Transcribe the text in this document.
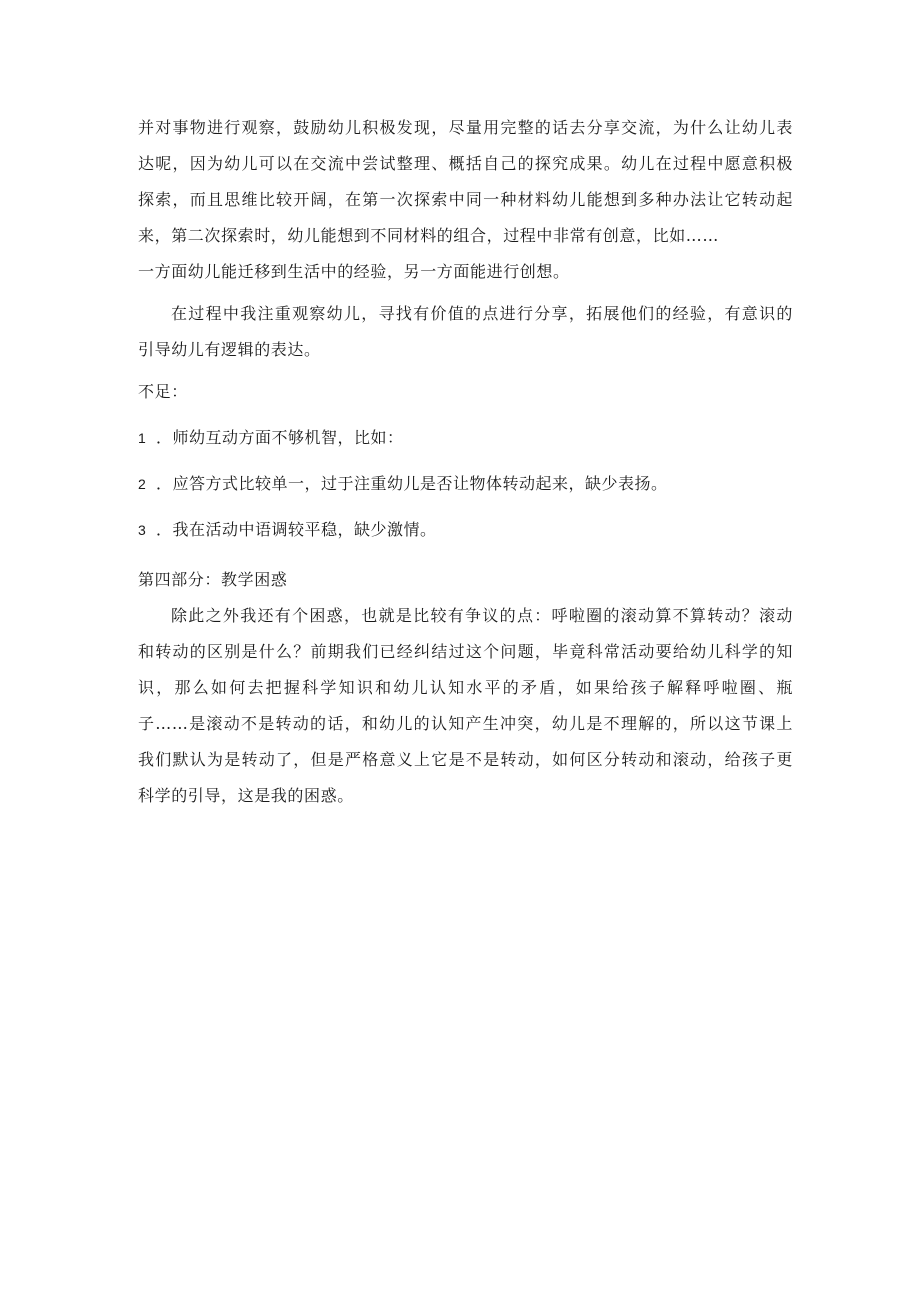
并对事物进行观察，鼓励幼儿积极发现，尽量用完整的话去分享交流，为什么让幼儿表
达呢，因为幼儿可以在交流中尝试整理、概括自己的探究成果。幼儿在过程中愿意积极
探索，而且思维比较开阔，在第一次探索中同一种材料幼儿能想到多种办法让它转动起
来，第二次探索时，幼儿能想到不同材料的组合，过程中非常有创意，比如……
一方面幼儿能迁移到生活中的经验，另一方面能进行创想。
在过程中我注重观察幼儿，寻找有价值的点进行分享，拓展他们的经验，有意识的
引导幼儿有逻辑的表达。
不足：
1 ．师幼互动方面不够机智，比如：
2 ．应答方式比较单一，过于注重幼儿是否让物体转动起来，缺少表扬。
3 ．我在活动中语调较平稳，缺少激情。
第四部分：教学困惑
除此之外我还有个困惑，也就是比较有争议的点：呼啦圈的滚动算不算转动？滚动
和转动的区别是什么？前期我们已经纠结过这个问题，毕竟科常活动要给幼儿科学的知
识，那么如何去把握科学知识和幼儿认知水平的矛盾，如果给孩子解释呼啦圈、瓶
子……是滚动不是转动的话，和幼儿的认知产生冲突，幼儿是不理解的，所以这节课上
我们默认为是转动了，但是严格意义上它是不是转动，如何区分转动和滚动，给孩子更
科学的引导，这是我的困惑。
